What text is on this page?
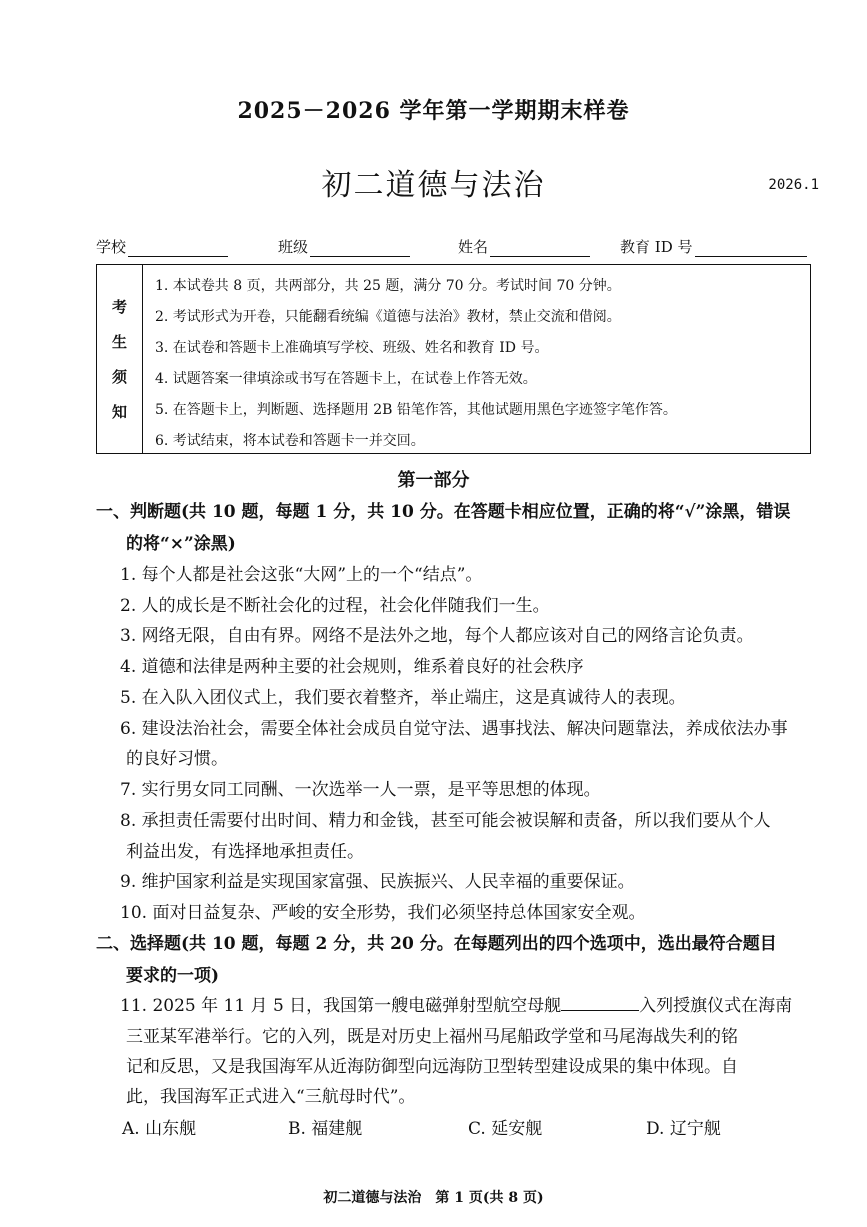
2025－2026 学年第一学期期末样卷
初二道德与法治	2026.1
学校	班级	姓名	教育 ID 号
考
生
须
知
1. 本试卷共 8 页，共两部分，共 25 题，满分 70 分。考试时间 70 分钟。
2. 考试形式为开卷，只能翻看统编《道德与法治》教材，禁止交流和借阅。
3. 在试卷和答题卡上准确填写学校、班级、姓名和教育 ID 号。
4. 试题答案一律填涂或书写在答题卡上，在试卷上作答无效。
5. 在答题卡上，判断题、选择题用 2B 铅笔作答，其他试题用黑色字迹签字笔作答。
6. 考试结束，将本试卷和答题卡一并交回。
第一部分
一、判断题(共 10 题，每题 1 分，共 10 分。在答题卡相应位置，正确的将“√”涂黑，错误
的将“×”涂黑)
1. 每个人都是社会这张“大网”上的一个“结点”。
2. 人的成长是不断社会化的过程，社会化伴随我们一生。
3. 网络无限，自由有界。网络不是法外之地，每个人都应该对自己的网络言论负责。
4. 道德和法律是两种主要的社会规则，维系着良好的社会秩序
5. 在入队入团仪式上，我们要衣着整齐，举止端庄，这是真诚待人的表现。
6. 建设法治社会，需要全体社会成员自觉守法、遇事找法、解决问题靠法，养成依法办事
的良好习惯。
7. 实行男女同工同酬、一次选举一人一票，是平等思想的体现。
8. 承担责任需要付出时间、精力和金钱，甚至可能会被误解和责备，所以我们要从个人
利益出发，有选择地承担责任。
9. 维护国家利益是实现国家富强、民族振兴、人民幸福的重要保证。
10. 面对日益复杂、严峻的安全形势，我们必须坚持总体国家安全观。
二、选择题(共 10 题，每题 2 分，共 20 分。在每题列出的四个选项中，选出最符合题目
要求的一项)
11. 2025 年 11 月 5 日，我国第一艘电磁弹射型航空母舰	入列授旗仪式在海南
三亚某军港举行。它的入列，既是对历史上福州马尾船政学堂和马尾海战失利的铭
记和反思，又是我国海军从近海防御型向远海防卫型转型建设成果的集中体现。自
此，我国海军正式进入“三航母时代”。
A. 山东舰	B. 福建舰	C. 延安舰	D. 辽宁舰
初二道德与法治　第 1 页(共 8 页)
